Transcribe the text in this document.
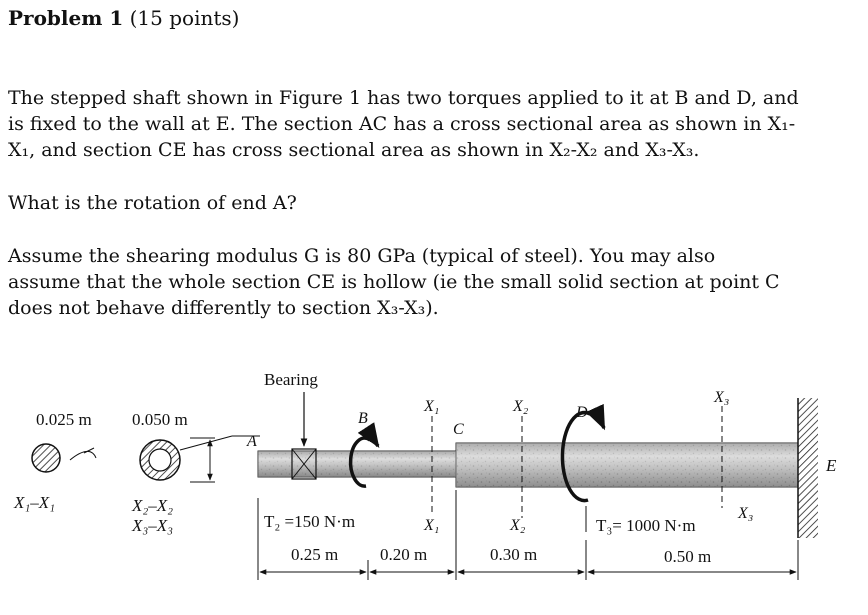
Problem 1 (15 points)

The stepped shaft shown in Figure 1 has two torques applied to it at B and D, and

is fixed to the wall at E. The section AC has a cross sectional area as shown in X₁-

X₁, and section CE has cross sectional area as shown in X₂-X₂ and X₃-X₃.

What is the rotation of end A?

Assume the shearing modulus G is 80 GPa (typical of steel). You may also

assume that the whole section CE is hollow (ie the small solid section at point C

does not behave differently to section X₃-X₃).

0.025 m
X₁–X₁
0.050 m
X₂–X₂
X₃–X₃
Bearing
E
B	D
A
C
X₁
X₁
X₂
X₂
X₃
X₃
T₂ =150 N·m	T₃= 1000 N·m
0.25 m 0.20 m	0.30 m	0.50 m
